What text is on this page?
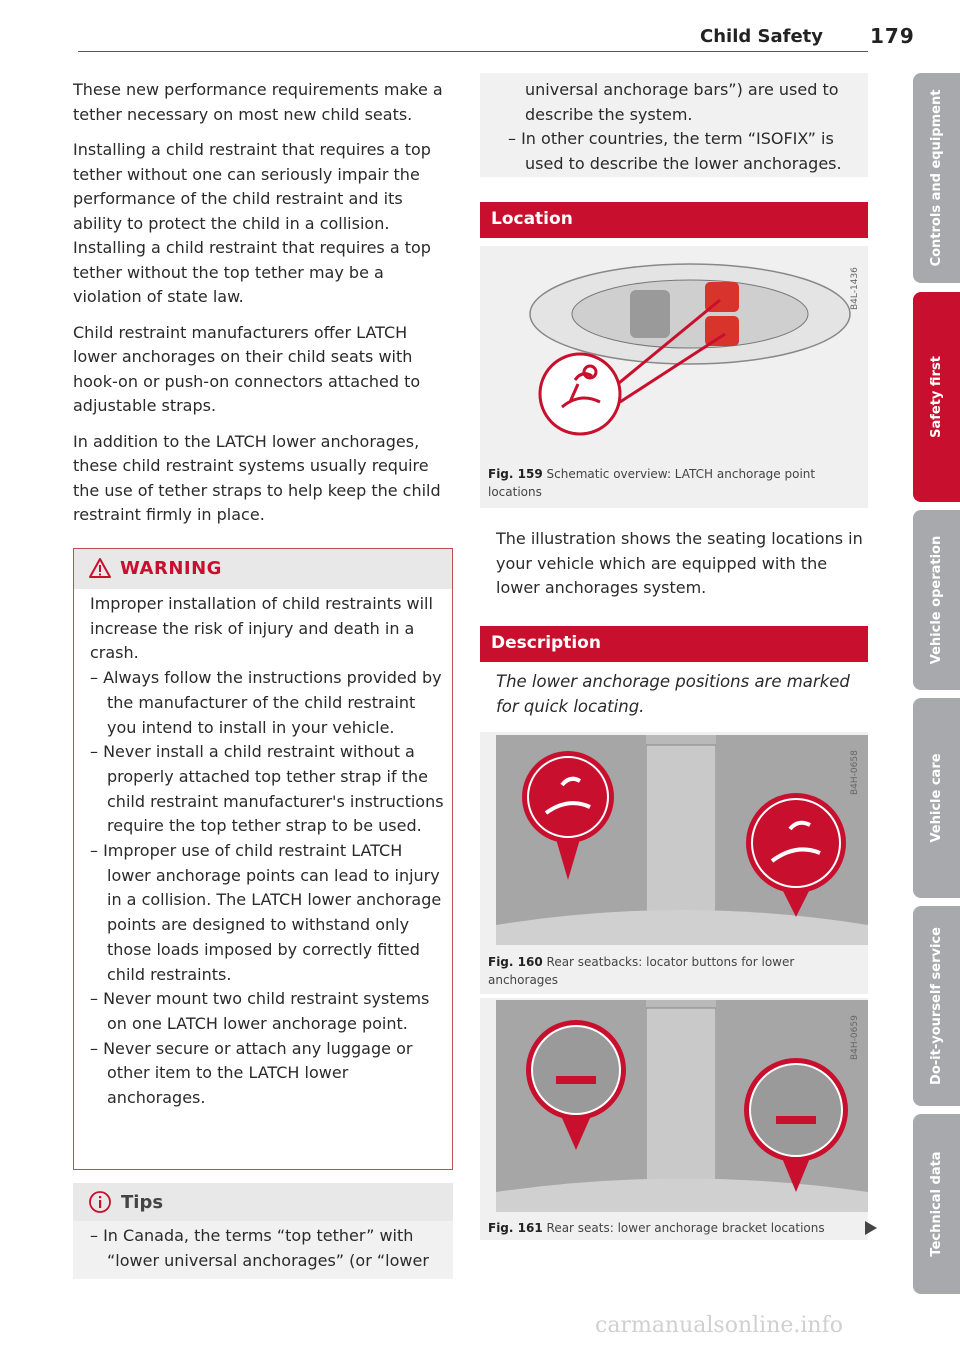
Child Safety 179

These new performance requirements make a tether necessary on most new child seats.

Installing a child restraint that requires a top tether without one can seriously impair the performance of the child restraint and its ability to protect the child in a collision. Installing a child restraint that requires a top tether without the top tether may be a violation of state law.

Child restraint manufacturers offer LATCH lower anchorages on their child seats with hook-on or push-on connectors attached to adjustable straps.

In addition to the LATCH lower anchorages, these child restraint systems usually require the use of tether straps to help keep the child restraint firmly in place.

WARNING

Improper installation of child restraints will increase the risk of injury and death in a crash.

– Always follow the instructions provided by the manufacturer of the child restraint you intend to install in your vehicle.

– Never install a child restraint without a properly attached top tether strap if the child restraint manufacturer's instructions require the top tether strap to be used.

– Improper use of child restraint LATCH lower anchorage points can lead to injury in a collision. The LATCH lower anchorage points are designed to withstand only those loads imposed by correctly fitted child restraints.

– Never mount two child restraint systems on one LATCH lower anchorage point.

– Never secure or attach any luggage or other item to the LATCH lower anchorages.

Tips

– In Canada, the terms “top tether” with “lower universal anchorages” (or “lower

universal anchorage bars”) are used to describe the system.

– In other countries, the term “ISOFIX” is used to describe the lower anchorages.

Location
B4L-1436
Fig. 159 Schematic overview: LATCH anchorage point locations

The illustration shows the seating locations in your vehicle which are equipped with the lower anchorages system.

Description

The lower anchorage positions are marked for quick locating.

B4H-0658
Fig. 160 Rear seatbacks: locator buttons for lower anchorages
B4H-0659
Fig. 161 Rear seats: lower anchorage bracket locations
Controls and equipment
Safety first
Vehicle operation
Vehicle care
Do-it-yourself service
Technical data
carmanualsonline.info
